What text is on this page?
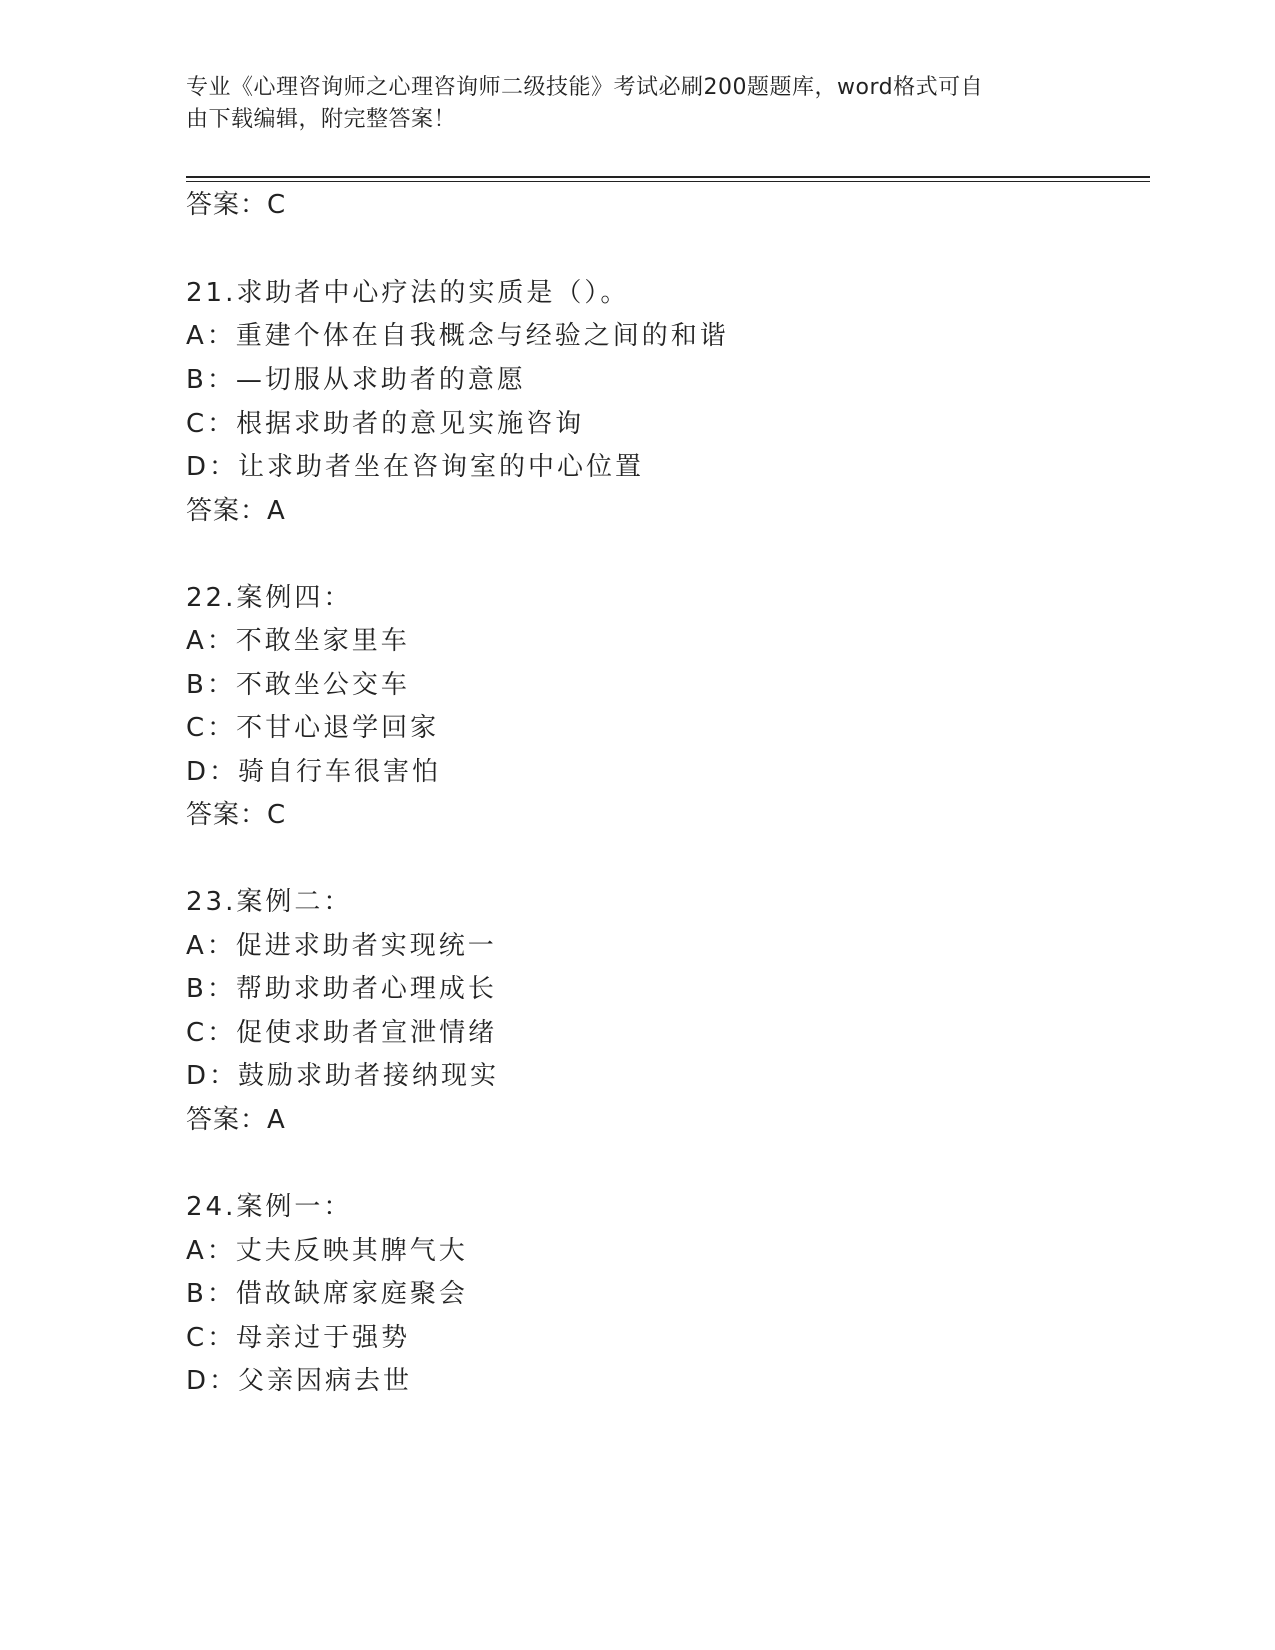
专业《心理咨询师之心理咨询师二级技能》考试必刷200题题库，word格式可自
由下载编辑，附完整答案！
答案：C
21.求助者中心疗法的实质是（）。
A：重建个体在自我概念与经验之间的和谐
B：—切服从求助者的意愿
C：根据求助者的意见实施咨询
D：让求助者坐在咨询室的中心位置
答案：A
22.案例四：
A：不敢坐家里车
B：不敢坐公交车
C：不甘心退学回家
D：骑自行车很害怕
答案：C
23.案例二：
A：促进求助者实现统一
B：帮助求助者心理成长
C：促使求助者宣泄情绪
D：鼓励求助者接纳现实
答案：A
24.案例一：
A：丈夫反映其脾气大
B：借故缺席家庭聚会
C：母亲过于强势
D：父亲因病去世
